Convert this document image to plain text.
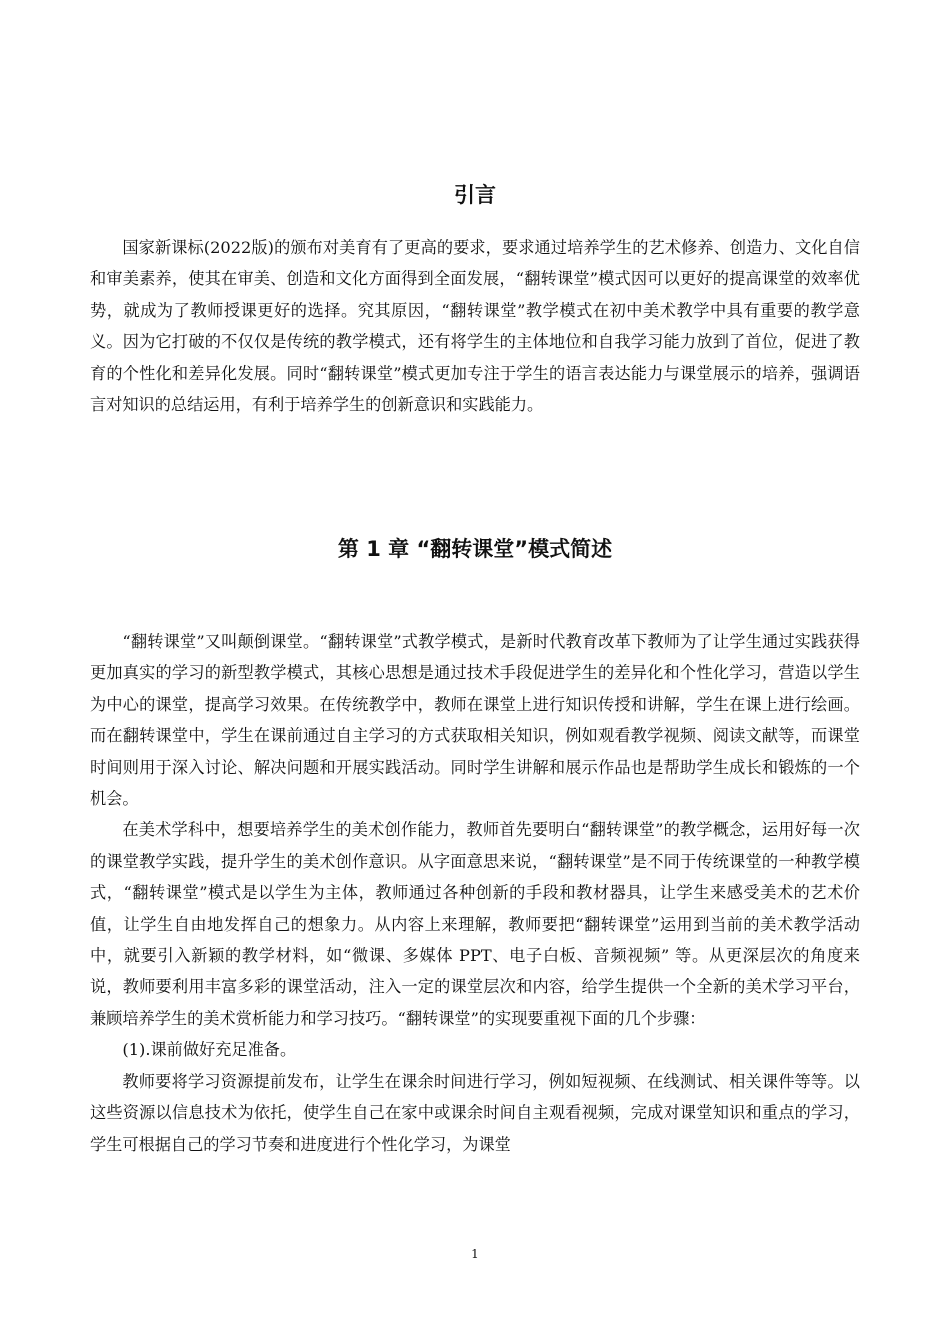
引言

国家新课标(2022版)的颁布对美育有了更高的要求，要求通过培养学生的艺术修养、创造力、文化自信和审美素养，使其在审美、创造和文化方面得到全面发展，“翻转课堂”模式因可以更好的提高课堂的效率优势，就成为了教师授课更好的选择。究其原因，“翻转课堂”教学模式在初中美术教学中具有重要的教学意义。因为它打破的不仅仅是传统的教学模式，还有将学生的主体地位和自我学习能力放到了首位，促进了教育的个性化和差异化发展。同时“翻转课堂”模式更加专注于学生的语言表达能力与课堂展示的培养，强调语言对知识的总结运用，有利于培养学生的创新意识和实践能力。

第 1 章 “翻转课堂”模式简述

“翻转课堂”又叫颠倒课堂。“翻转课堂”式教学模式，是新时代教育改革下教师为了让学生通过实践获得更加真实的学习的新型教学模式，其核心思想是通过技术手段促进学生的差异化和个性化学习，营造以学生为中心的课堂，提高学习效果。在传统教学中，教师在课堂上进行知识传授和讲解，学生在课上进行绘画。而在翻转课堂中，学生在课前通过自主学习的方式获取相关知识，例如观看教学视频、阅读文献等，而课堂时间则用于深入讨论、解决问题和开展实践活动。同时学生讲解和展示作品也是帮助学生成长和锻炼的一个机会。

在美术学科中，想要培养学生的美术创作能力，教师首先要明白“翻转课堂”的教学概念，运用好每一次的课堂教学实践，提升学生的美术创作意识。从字面意思来说，“翻转课堂”是不同于传统课堂的一种教学模式，“翻转课堂”模式是以学生为主体，教师通过各种创新的手段和教材器具，让学生来感受美术的艺术价值，让学生自由地发挥自己的想象力。从内容上来理解，教师要把“翻转课堂”运用到当前的美术教学活动中，就要引入新颖的教学材料，如“微课、多媒体 PPT、电子白板、音频视频” 等。从更深层次的角度来说，教师要利用丰富多彩的课堂活动，注入一定的课堂层次和内容，给学生提供一个全新的美术学习平台，兼顾培养学生的美术赏析能力和学习技巧。“翻转课堂”的实现要重视下面的几个步骤：

(1).课前做好充足准备。

教师要将学习资源提前发布，让学生在课余时间进行学习，例如短视频、在线测试、相关课件等等。以这些资源以信息技术为依托，使学生自己在家中或课余时间自主观看视频，完成对课堂知识和重点的学习，学生可根据自己的学习节奏和进度进行个性化学习，为课堂

1
